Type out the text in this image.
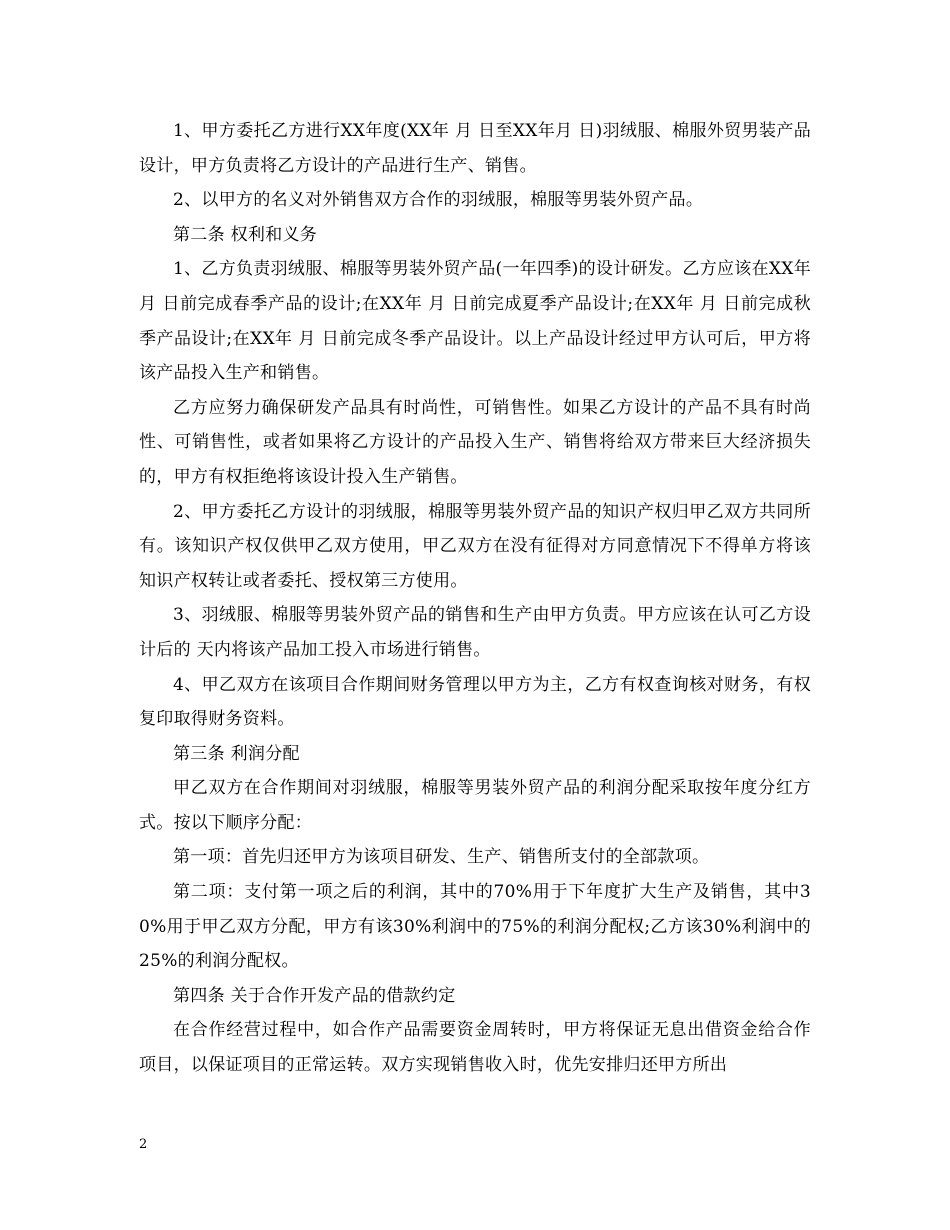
1、甲方委托乙方进行XX年度(XX年 月 日至XX年月 日)羽绒服、棉服外贸男装产品设计，甲方负责将乙方设计的产品进行生产、销售。

2、以甲方的名义对外销售双方合作的羽绒服，棉服等男装外贸产品。

第二条 权利和义务

1、乙方负责羽绒服、棉服等男装外贸产品(一年四季)的设计研发。乙方应该在XX年 月 日前完成春季产品的设计;在XX年 月 日前完成夏季产品设计;在XX年 月 日前完成秋季产品设计;在XX年 月 日前完成冬季产品设计。以上产品设计经过甲方认可后，甲方将该产品投入生产和销售。

乙方应努力确保研发产品具有时尚性，可销售性。如果乙方设计的产品不具有时尚性、可销售性，或者如果将乙方设计的产品投入生产、销售将给双方带来巨大经济损失的，甲方有权拒绝将该设计投入生产销售。

2、甲方委托乙方设计的羽绒服，棉服等男装外贸产品的知识产权归甲乙双方共同所有。该知识产权仅供甲乙双方使用，甲乙双方在没有征得对方同意情况下不得单方将该知识产权转让或者委托、授权第三方使用。

3、羽绒服、棉服等男装外贸产品的销售和生产由甲方负责。甲方应该在认可乙方设计后的 天内将该产品加工投入市场进行销售。

4、甲乙双方在该项目合作期间财务管理以甲方为主，乙方有权查询核对财务，有权复印取得财务资料。

第三条 利润分配

甲乙双方在合作期间对羽绒服，棉服等男装外贸产品的利润分配采取按年度分红方式。按以下顺序分配：

第一项：首先归还甲方为该项目研发、生产、销售所支付的全部款项。

第二项：支付第一项之后的利润，其中的70%用于下年度扩大生产及销售，其中30%用于甲乙双方分配，甲方有该30%利润中的75%的利润分配权;乙方该30%利润中的25%的利润分配权。

第四条 关于合作开发产品的借款约定

在合作经营过程中，如合作产品需要资金周转时，甲方将保证无息出借资金给合作项目，以保证项目的正常运转。双方实现销售收入时，优先安排归还甲方所出

2
